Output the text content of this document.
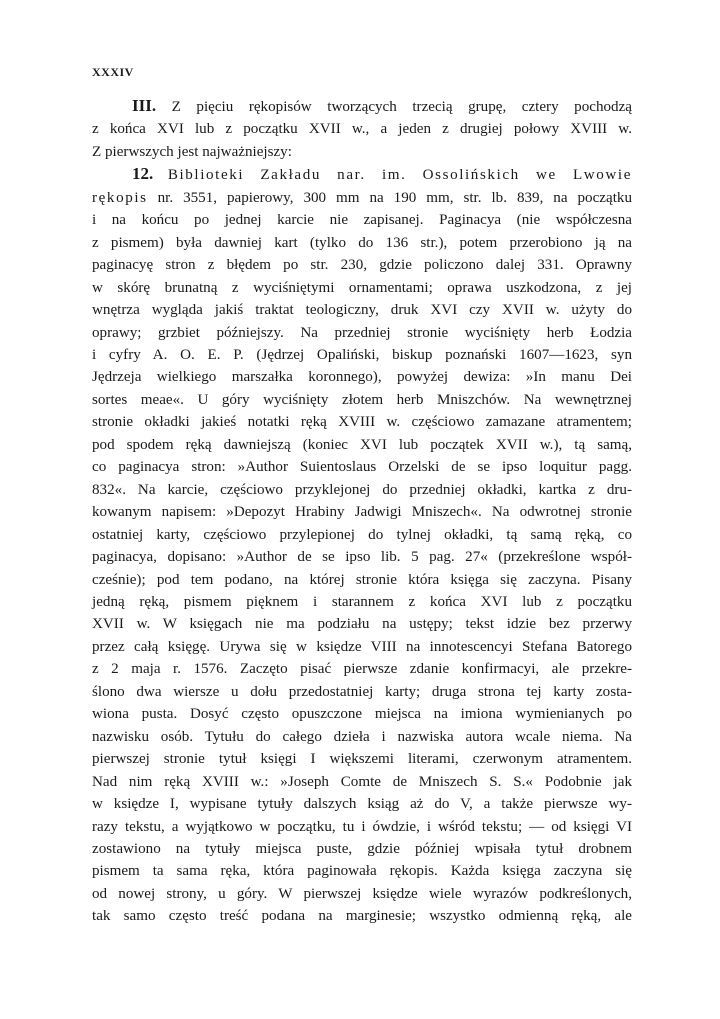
XXXIV
III. Z pięciu rękopisów tworzących trzecią grupę, cztery pochodzą
z końca XVI lub z początku XVII w., a jeden z drugiej połowy XVIII w.
Z pierwszych jest najważniejszy:
12. Biblioteki Zakładu nar. im. Ossolińskich we Lwowie
rękopis nr. 3551, papierowy, 300 mm na 190 mm, str. lb. 839, na początku
i na końcu po jednej karcie nie zapisanej. Paginacya (nie współczesna
z pismem) była dawniej kart (tylko do 136 str.), potem przerobiono ją na
paginacyę stron z błędem po str. 230, gdzie policzono dalej 331. Oprawny
w skórę brunatną z wyciśniętymi ornamentami; oprawa uszkodzona, z jej
wnętrza wygląda jakiś traktat teologiczny, druk XVI czy XVII w. użyty do
oprawy; grzbiet późniejszy. Na przedniej stronie wyciśnięty herb Łodzia
i cyfry A. O. E. P. (Jędrzej Opaliński, biskup poznański 1607—1623, syn
Jędrzeja wielkiego marszałka koronnego), powyżej dewiza: »In manu Dei
sortes meae«. U góry wyciśnięty złotem herb Mniszchów. Na wewnętrznej
stronie okładki jakieś notatki ręką XVIII w. częściowo zamazane atramentem;
pod spodem ręką dawniejszą (koniec XVI lub początek XVII w.), tą samą,
co paginacya stron: »Author Suientoslaus Orzelski de se ipso loquitur pagg.
832«. Na karcie, częściowo przyklejonej do przedniej okładki, kartka z dru-
kowanym napisem: »Depozyt Hrabiny Jadwigi Mniszech«. Na odwrotnej stronie
ostatniej karty, częściowo przylepionej do tylnej okładki, tą samą ręką, co
paginacya, dopisano: »Author de se ipso lib. 5 pag. 27« (przekreślone współ-
cześnie); pod tem podano, na której stronie która księga się zaczyna. Pisany
jedną ręką, pismem pięknem i starannem z końca XVI lub z początku
XVII w. W księgach nie ma podziału na ustępy; tekst idzie bez przerwy
przez całą księgę. Urywa się w księdze VIII na innotescencyi Stefana Batorego
z 2 maja r. 1576. Zaczęto pisać pierwsze zdanie konfirmacyi, ale przekre-
ślono dwa wiersze u dołu przedostatniej karty; druga strona tej karty zosta-
wiona pusta. Dosyć często opuszczone miejsca na imiona wymienianych po
nazwisku osób. Tytułu do całego dzieła i nazwiska autora wcale niema. Na
pierwszej stronie tytuł księgi I większemi literami, czerwonym atramentem.
Nad nim ręką XVIII w.: »Joseph Comte de Mniszech S. S.« Podobnie jak
w księdze I, wypisane tytuły dalszych ksiąg aż do V, a także pierwsze wy-
razy tekstu, a wyjątkowo w początku, tu i ówdzie, i wśród tekstu; — od księgi VI
zostawiono na tytuły miejsca puste, gdzie później wpisała tytuł drobnem
pismem ta sama ręka, która paginowała rękopis. Każda księga zaczyna się
od nowej strony, u góry. W pierwszej księdze wiele wyrazów podkreślonych,
tak samo często treść podana na marginesie; wszystko odmienną ręką, ale
